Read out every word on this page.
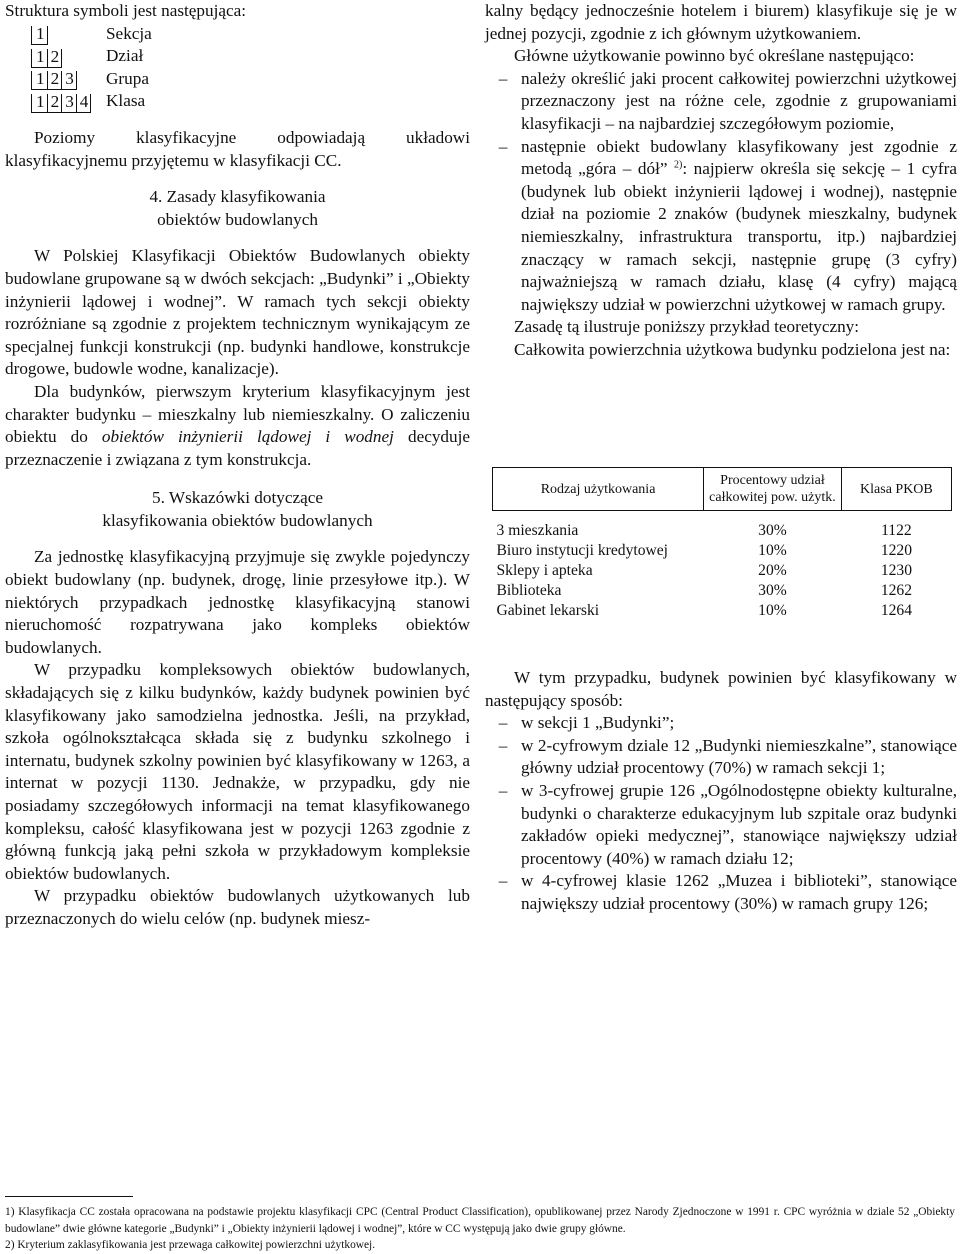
Struktura symboli jest następująca:

1	Sekcja
1 2	Dział
1 2 3 Grupa
1 2 3 4 Klasa

Poziomy klasyfikacyjne odpowiadają układowi klasyfikacyjnemu przyjętemu w klasyfikacji CC.

4. Zasady klasyfikowania
obiektów budowlanych

W Polskiej Klasyfikacji Obiektów Budowlanych obiekty budowlane grupowane są w dwóch sekcjach: „Budynki” i „Obiekty inżynierii lądowej i wodnej”. W ramach tych sekcji obiekty rozróżniane są zgodnie z projektem technicznym wynikającym ze specjalnej funkcji konstrukcji (np. budynki handlowe, konstrukcje drogowe, budowle wodne, kanalizacje).

Dla budynków, pierwszym kryterium klasyfikacyjnym jest charakter budynku – mieszkalny lub niemieszkalny. O zaliczeniu obiektu do obiektów inżynierii lądowej i wodnej decyduje przeznaczenie i związana z tym konstrukcja.

5. Wskazówki dotyczące
klasyfikowania obiektów budowlanych

Za jednostkę klasyfikacyjną przyjmuje się zwykle pojedynczy obiekt budowlany (np. budynek, drogę, linie przesyłowe itp.). W niektórych przypadkach jednostkę klasyfikacyjną stanowi nieruchomość rozpatrywana jako kompleks obiektów budowlanych.

W przypadku kompleksowych obiektów budowlanych, składających się z kilku budynków, każdy budynek powinien być klasyfikowany jako samodzielna jednostka. Jeśli, na przykład, szkoła ogólnokształcąca składa się z budynku szkolnego i internatu, budynek szkolny powinien być klasyfikowany w 1263, a internat w pozycji 1130. Jednakże, w przypadku, gdy nie posiadamy szczegółowych informacji na temat klasyfikowanego kompleksu, całość klasyfikowana jest w pozycji 1263 zgodnie z główną funkcją jaką pełni szkoła w przykładowym kompleksie obiektów budowlanych.

W przypadku obiektów budowlanych użytkowanych lub przeznaczonych do wielu celów (np. budynek miesz-

kalny będący jednocześnie hotelem i biurem) klasyfikuje się je w jednej pozycji, zgodnie z ich głównym użytkowaniem.

Główne użytkowanie powinno być określane następująco:

– należy określić jaki procent całkowitej powierzchni użytkowej przeznaczony jest na różne cele, zgodnie z grupowaniami klasyfikacji – na najbardziej szczegółowym poziomie,
– następnie obiekt budowlany klasyfikowany jest zgodnie z metodą „góra – dół” $^{2)}$: najpierw określa się sekcję – 1 cyfra (budynek lub obiekt inżynierii lądowej i wodnej), następnie dział na poziomie 2 znaków (budynek mieszkalny, budynek niemieszkalny, infrastruktura transportu, itp.) najbardziej znaczący w ramach sekcji, następnie grupę (3 cyfry) najważniejszą w ramach działu, klasę (4 cyfry) mającą największy udział w powierzchni użytkowej w ramach grupy.

Zasadę tą ilustruje poniższy przykład teoretyczny:

Całkowita powierzchnia użytkowa budynku podzielona jest na:

Rodzaj użytkowania	Procentowy udział całkowitej pow. użytk.	Klasa PKOB

3 mieszkania	30%	1122
Biuro instytucji kredytowej	10%	1220
Sklepy i apteka	20%	1230
Biblioteka	30%	1262
Gabinet lekarski	10%	1264

W tym przypadku, budynek powinien być klasyfikowany w następujący sposób:

– w sekcji 1 „Budynki”;
– w 2-cyfrowym dziale 12 „Budynki niemieszkalne”, stanowiące główny udział procentowy (70%) w ramach sekcji 1;
– w 3-cyfrowej grupie 126 „Ogólnodostępne obiekty kulturalne, budynki o charakterze edukacyjnym lub szpitale oraz budynki zakładów opieki medycznej”, stanowiące największy udział procentowy (40%) w ramach działu 12;
– w 4-cyfrowej klasie 1262 „Muzea i biblioteki”, stanowiące największy udział procentowy (30%) w ramach grupy 126;

1) Klasyfikacja CC została opracowana na podstawie projektu klasyfikacji CPC (Central Product Classification), opublikowanej przez Narody Zjednoczone w 1991 r. CPC wyróżnia w dziale 52 „Obiekty budowlane” dwie główne kategorie „Budynki” i „Obiekty inżynierii lądowej i wodnej”, które w CC występują jako dwie grupy główne.

2) Kryterium zaklasyfikowania jest przewaga całkowitej powierzchni użytkowej.
